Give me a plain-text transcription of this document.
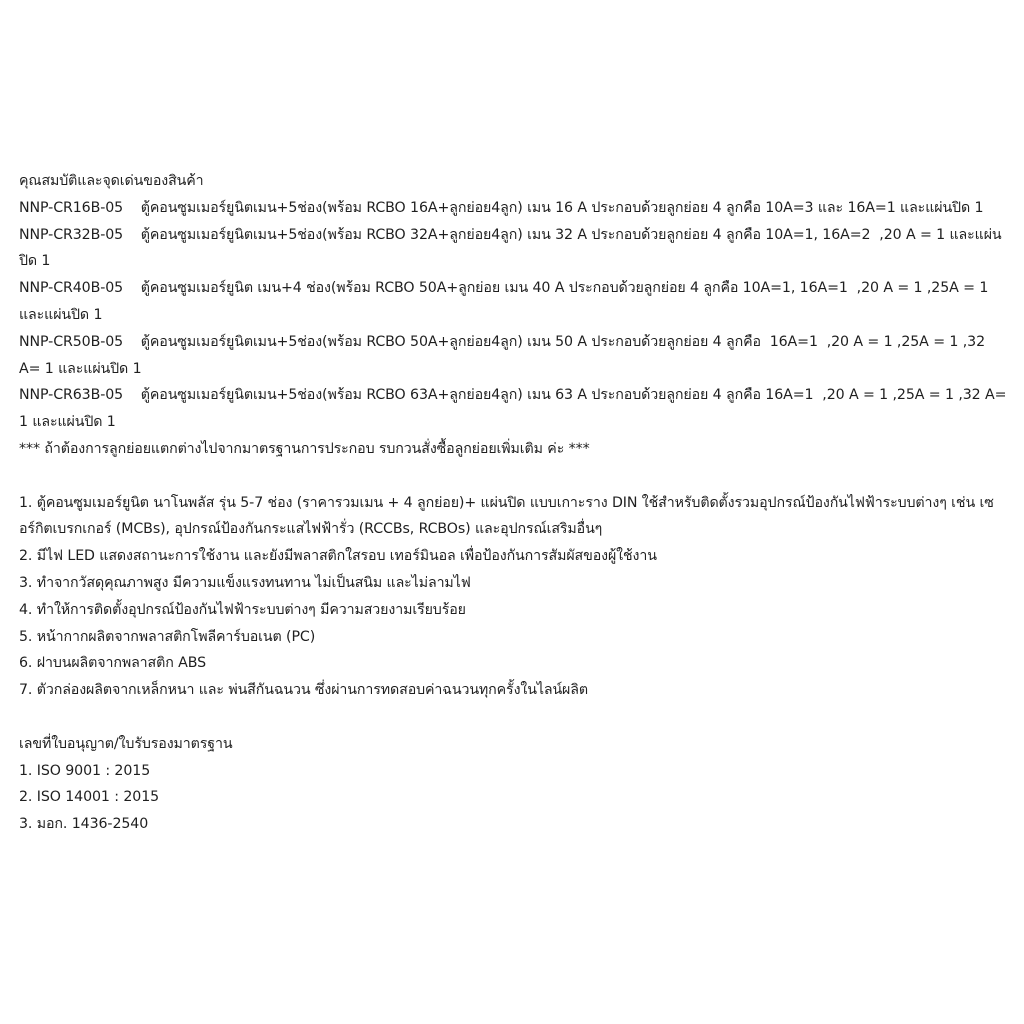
คุณสมบัติและจุดเด่นของสินค้า
NNP-CR16B-05 ตู้คอนซูมเมอร์ยูนิตเมน+5ช่อง(พร้อม RCBO 16A+ลูกย่อย4ลูก) เมน 16 A ประกอบด้วยลูกย่อย 4 ลูกคือ 10A=3 และ 16A=1 และแผ่นปิด 1
NNP-CR32B-05 ตู้คอนซูมเมอร์ยูนิตเมน+5ช่อง(พร้อม RCBO 32A+ลูกย่อย4ลูก) เมน 32 A ประกอบด้วยลูกย่อย 4 ลูกคือ 10A=1, 16A=2  ,20 A = 1 และแผ่นปิด 1
NNP-CR40B-05 ตู้คอนซูมเมอร์ยูนิต เมน+4 ช่อง(พร้อม RCBO 50A+ลูกย่อย เมน 40 A ประกอบด้วยลูกย่อย 4 ลูกคือ 10A=1, 16A=1  ,20 A = 1 ,25A = 1 และแผ่นปิด 1
NNP-CR50B-05 ตู้คอนซูมเมอร์ยูนิตเมน+5ช่อง(พร้อม RCBO 50A+ลูกย่อย4ลูก) เมน 50 A ประกอบด้วยลูกย่อย 4 ลูกคือ  16A=1  ,20 A = 1 ,25A = 1 ,32 A= 1 และแผ่นปิด 1
NNP-CR63B-05 ตู้คอนซูมเมอร์ยูนิตเมน+5ช่อง(พร้อม RCBO 63A+ลูกย่อย4ลูก) เมน 63 A ประกอบด้วยลูกย่อย 4 ลูกคือ 16A=1  ,20 A = 1 ,25A = 1 ,32 A= 1 และแผ่นปิด 1
*** ถ้าต้องการลูกย่อยแตกต่างไปจากมาตรฐานการประกอบ รบกวนสั่งซื้อลูกย่อยเพิ่มเติม ค่ะ ***
1. ตู้คอนซูมเมอร์ยูนิต นาโนพลัส รุ่น 5-7 ช่อง (ราคารวมเมน + 4 ลูกย่อย)+ แผ่นปิด แบบเกาะราง DIN ใช้สำหรับติดตั้งรวมอุปกรณ์ป้องกันไฟฟ้าระบบต่างๆ เช่น เซอร์กิตเบรกเกอร์ (MCBs), อุปกรณ์ป้องกันกระแสไฟฟ้ารั่ว (RCCBs, RCBOs) และอุปกรณ์เสริมอื่นๆ
2. มีไฟ LED แสดงสถานะการใช้งาน และยังมีพลาสติกใสรอบ เทอร์มินอล เพื่อป้องกันการสัมผัสของผู้ใช้งาน
3. ทำจากวัสดุคุณภาพสูง มีความแข็งแรงทนทาน ไม่เป็นสนิม และไม่ลามไฟ
4. ทำให้การติดตั้งอุปกรณ์ป้องกันไฟฟ้าระบบต่างๆ มีความสวยงามเรียบร้อย
5. หน้ากากผลิตจากพลาสติกโพลีคาร์บอเนต (PC)
6. ฝาบนผลิตจากพลาสติก ABS
7. ตัวกล่องผลิตจากเหล็กหนา และ พ่นสีกันฉนวน ซึ่งผ่านการทดสอบค่าฉนวนทุกครั้งในไลน์ผลิต
เลขที่ใบอนุญาต/ใบรับรองมาตรฐาน
1. ISO 9001 : 2015
2. ISO 14001 : 2015
3. มอก. 1436-2540
